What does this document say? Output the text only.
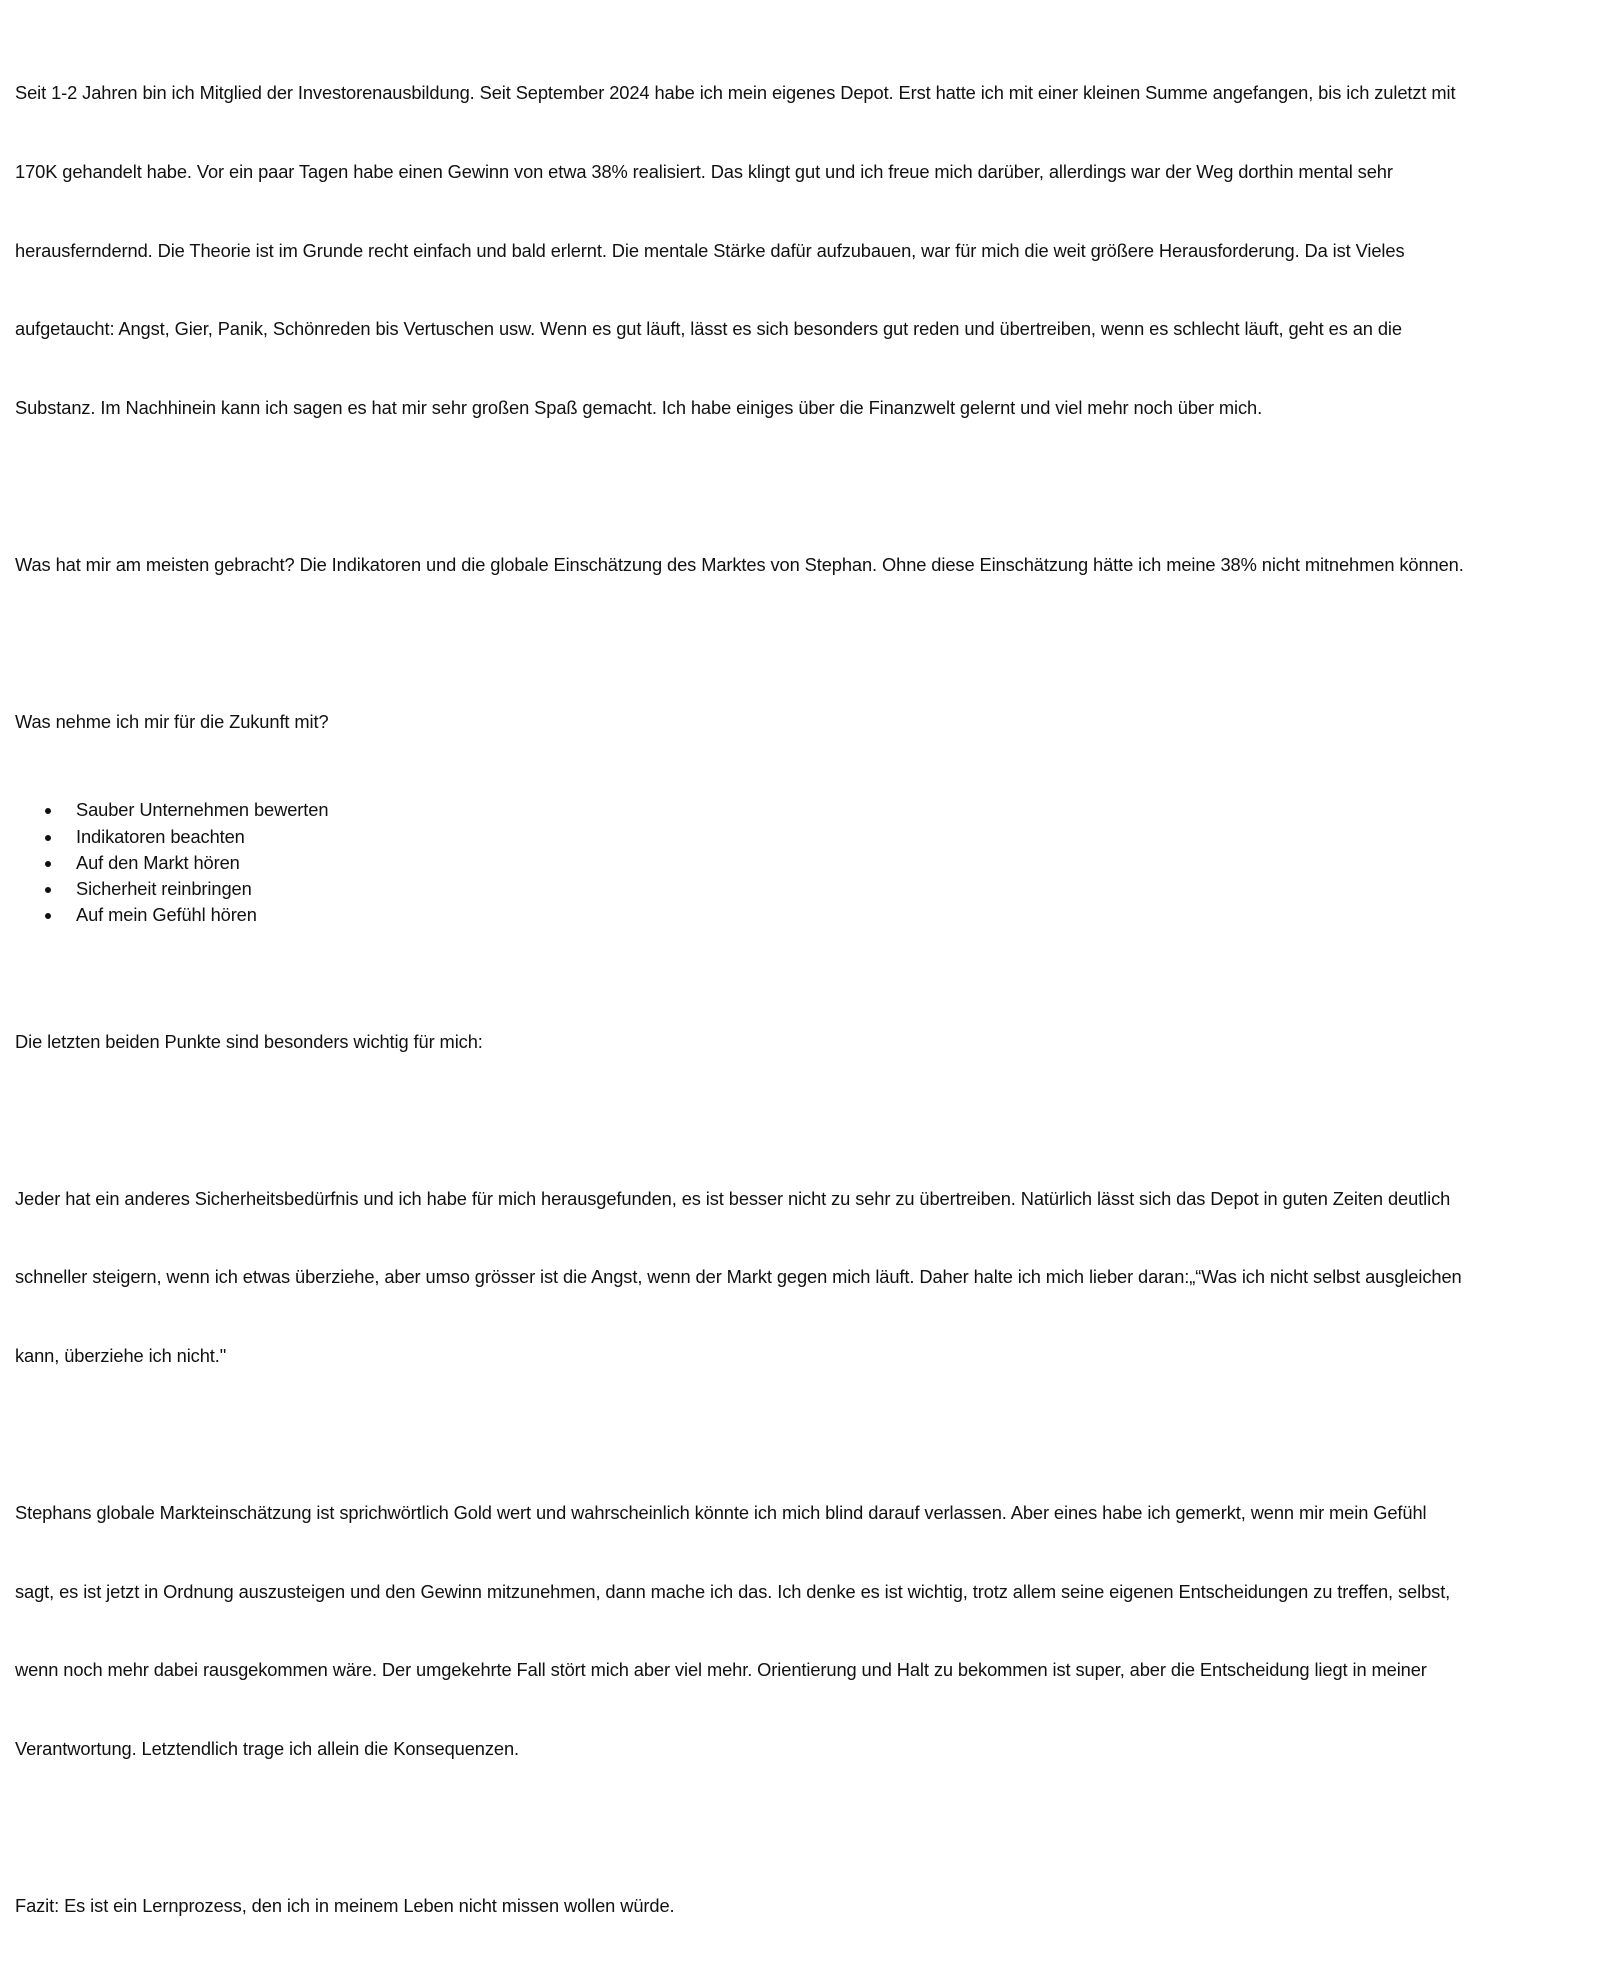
Seit 1-2 Jahren bin ich Mitglied der Investorenausbildung. Seit September 2024 habe ich mein eigenes Depot. Erst hatte ich mit einer kleinen Summe angefangen, bis ich zuletzt mit

170K gehandelt habe. Vor ein paar Tagen habe einen Gewinn von etwa 38% realisiert. Das klingt gut und ich freue mich darüber, allerdings war der Weg dorthin mental sehr

herausferndernd. Die Theorie ist im Grunde recht einfach und bald erlernt. Die mentale Stärke dafür aufzubauen, war für mich die weit größere Herausforderung. Da ist Vieles

aufgetaucht: Angst, Gier, Panik, Schönreden bis Vertuschen usw. Wenn es gut läuft, lässt es sich besonders gut reden und übertreiben, wenn es schlecht läuft, geht es an die

Substanz. Im Nachhinein kann ich sagen es hat mir sehr großen Spaß gemacht. Ich habe einiges über die Finanzwelt gelernt und viel mehr noch über mich.

Was hat mir am meisten gebracht? Die Indikatoren und die globale Einschätzung des Marktes von Stephan. Ohne diese Einschätzung hätte ich meine 38% nicht mitnehmen können.

Was nehme ich mir für die Zukunft mit?

Sauber Unternehmen bewerten
Indikatoren beachten
Auf den Markt hören
Sicherheit reinbringen
Auf mein Gefühl hören

Die letzten beiden Punkte sind besonders wichtig für mich:

Jeder hat ein anderes Sicherheitsbedürfnis und ich habe für mich herausgefunden, es ist besser nicht zu sehr zu übertreiben. Natürlich lässt sich das Depot in guten Zeiten deutlich

schneller steigern, wenn ich etwas überziehe, aber umso grösser ist die Angst, wenn der Markt gegen mich läuft. Daher halte ich mich lieber daran:„“Was ich nicht selbst ausgleichen

kann, überziehe ich nicht."

Stephans globale Markteinschätzung ist sprichwörtlich Gold wert und wahrscheinlich könnte ich mich blind darauf verlassen. Aber eines habe ich gemerkt, wenn mir mein Gefühl

sagt, es ist jetzt in Ordnung auszusteigen und den Gewinn mitzunehmen, dann mache ich das. Ich denke es ist wichtig, trotz allem seine eigenen Entscheidungen zu treffen, selbst,

wenn noch mehr dabei rausgekommen wäre. Der umgekehrte Fall stört mich aber viel mehr. Orientierung und Halt zu bekommen ist super, aber die Entscheidung liegt in meiner

Verantwortung. Letztendlich trage ich allein die Konsequenzen.

Fazit: Es ist ein Lernprozess, den ich in meinem Leben nicht missen wollen würde.
